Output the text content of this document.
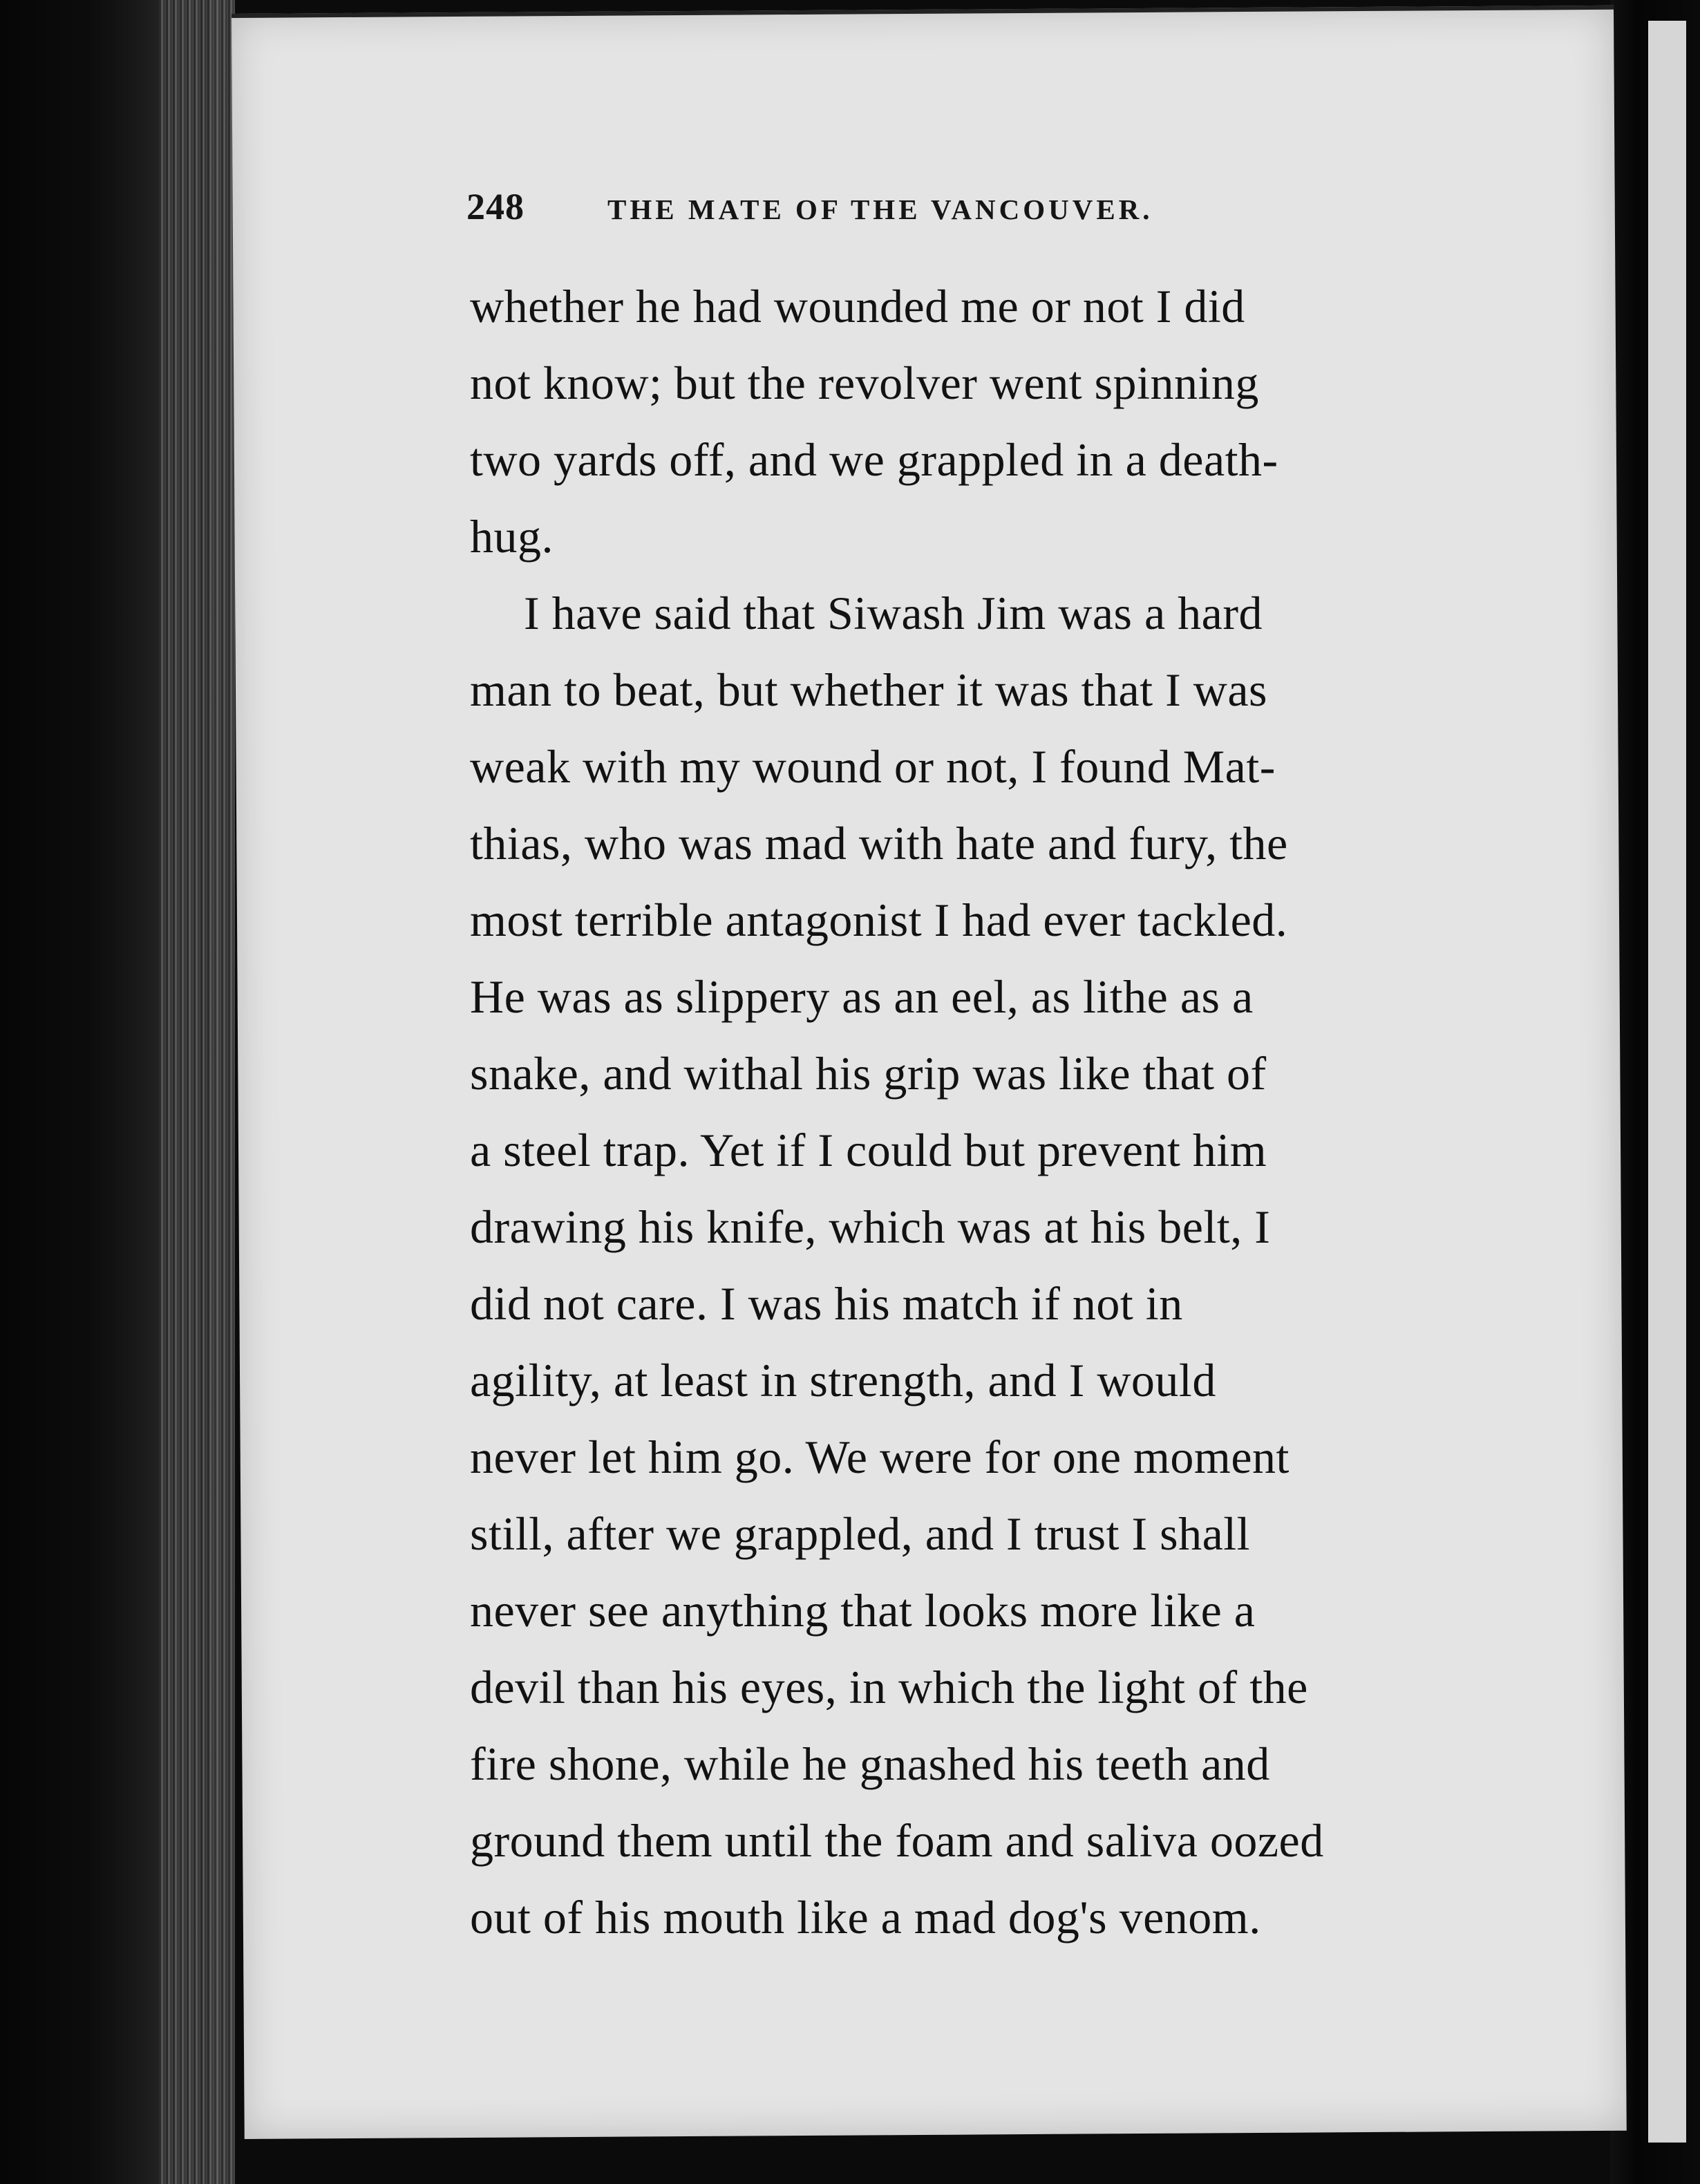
248	THE MATE OF THE VANCOUVER.
whether he had wounded me or not I did
not know; but the revolver went spinning
two yards off, and we grappled in a death-
hug.
I have said that Siwash Jim was a hard
man to beat, but whether it was that I was
weak with my wound or not, I found Mat-
thias, who was mad with hate and fury, the
most terrible antagonist I had ever tackled.
He was as slippery as an eel, as lithe as a
snake, and withal his grip was like that of
a steel trap. Yet if I could but prevent him
drawing his knife, which was at his belt, I
did not care. I was his match if not in
agility, at least in strength, and I would
never let him go. We were for one moment
still, after we grappled, and I trust I shall
never see anything that looks more like a
devil than his eyes, in which the light of the
fire shone, while he gnashed his teeth and
ground them until the foam and saliva oozed
out of his mouth like a mad dog's venom.
